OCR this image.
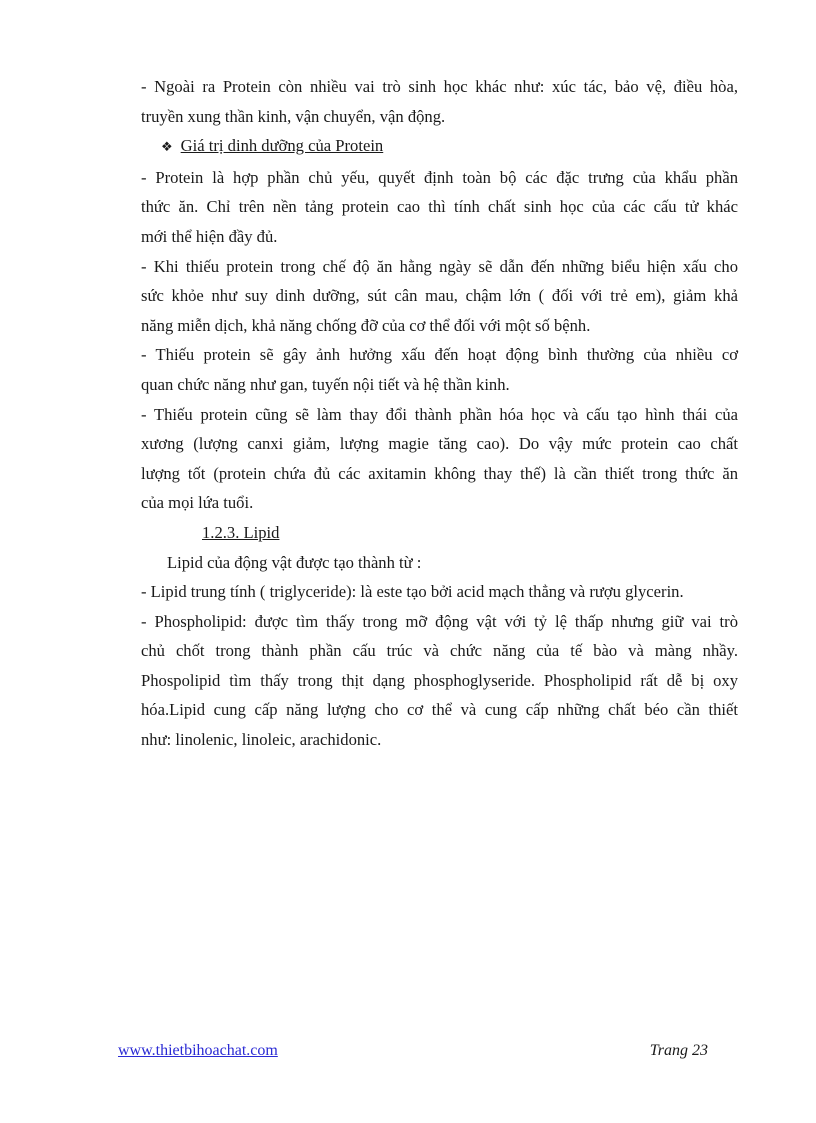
- Ngoài ra Protein còn nhiều vai trò sinh học khác như: xúc tác, bảo vệ, điều hòa,
truyền xung thần kinh, vận chuyển, vận động.

❖ Giá trị dinh dưỡng của Protein

- Protein là hợp phần chủ yếu, quyết định toàn bộ các đặc trưng của khẩu phần
thức ăn. Chỉ trên nền tảng protein cao thì tính chất sinh học của các cấu tử khác
mới thể hiện đầy đủ.

- Khi thiếu protein trong chế độ ăn hằng ngày sẽ dẫn đến những biểu hiện xấu cho
sức khỏe như suy dinh dưỡng, sút cân mau, chậm lớn ( đối với trẻ em), giảm khả
năng miễn dịch, khả năng chống đỡ của cơ thể đối với một số bệnh.

- Thiếu protein sẽ gây ảnh hưởng xấu đến hoạt động bình thường của nhiều cơ
quan chức năng như gan, tuyến nội tiết và hệ thần kinh.

- Thiếu protein cũng sẽ làm thay đổi thành phần hóa học và cấu tạo hình thái của
xương (lượng canxi giảm, lượng magie tăng cao). Do vậy mức protein cao chất
lượng tốt (protein chứa đủ các axitamin không thay thế) là cần thiết trong thức ăn
của mọi lứa tuổi.

1.2.3. Lipid

Lipid của động vật được tạo thành từ :

- Lipid trung tính ( triglyceride): là este tạo bởi acid mạch thẳng và rượu glycerin.

- Phospholipid: được tìm thấy trong mỡ động vật với tỷ lệ thấp nhưng giữ vai trò
chủ chốt trong thành phần cấu trúc và chức năng của tế bào và màng nhầy.
Phospolipid tìm thấy trong thịt dạng phosphoglyseride. Phospholipid rất dễ bị oxy
hóa.Lipid cung cấp năng lượng cho cơ thể và cung cấp những chất béo cần thiết
như: linolenic, linoleic, arachidonic.

www.thietbihoachat.com	Trang 23
